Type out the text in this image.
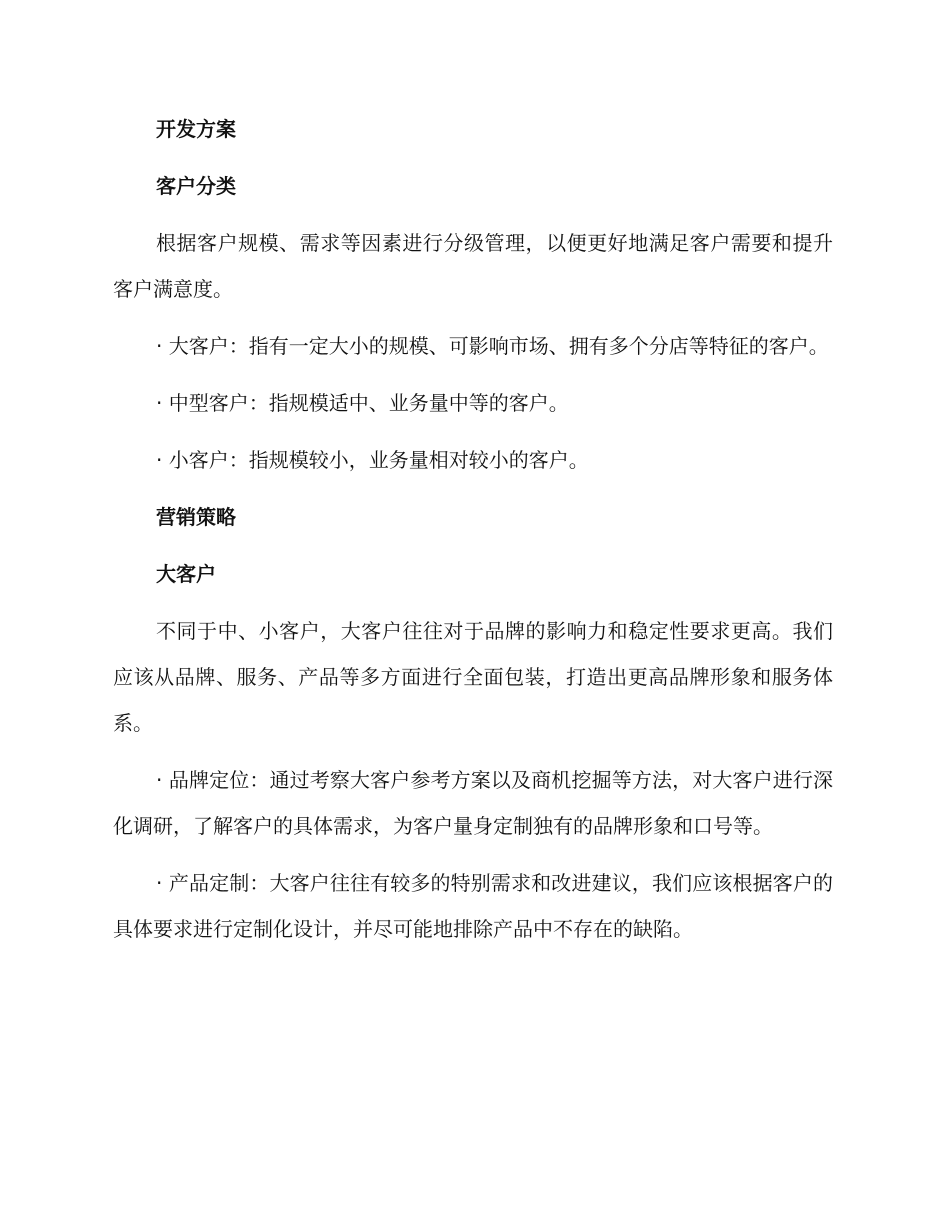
开发方案
客户分类

根据客户规模、需求等因素进行分级管理，以便更好地满足客户需要和提升客户满意度。

· 大客户：指有一定大小的规模、可影响市场、拥有多个分店等特征的客户。

· 中型客户：指规模适中、业务量中等的客户。

· 小客户：指规模较小，业务量相对较小的客户。

营销策略
大客户

不同于中、小客户，大客户往往对于品牌的影响力和稳定性要求更高。我们应该从品牌、服务、产品等多方面进行全面包装，打造出更高品牌形象和服务体系。

· 品牌定位：通过考察大客户参考方案以及商机挖掘等方法，对大客户进行深化调研，了解客户的具体需求，为客户量身定制独有的品牌形象和口号等。

· 产品定制：大客户往往有较多的特别需求和改进建议，我们应该根据客户的具体要求进行定制化设计，并尽可能地排除产品中不存在的缺陷。
